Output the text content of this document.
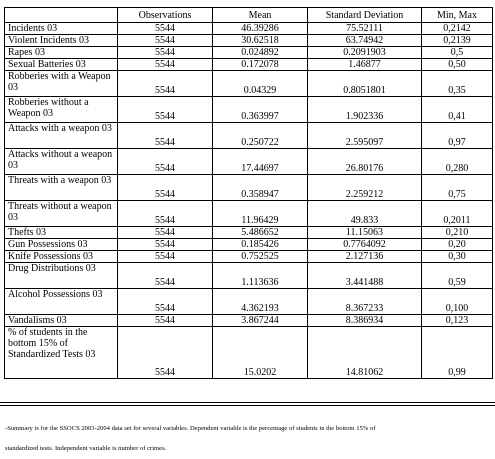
	Observations	Mean	Standard Deviation	Min, Max
Incidents 03	5544	46.39286	75.52111	0,2142
Violent Incidents 03	5544	30.62518	63.74942	0,2139
Rapes 03	5544	0.024892	0.2091903	0,5
Sexual Batteries 03	5544	0.172078	1.46877	0,50
Robberies with a Weapon 03	5544	0.04329	0.8051801	0,35
Robberies without a Weapon 03	5544	0.363997	1.902336	0,41
Attacks with a weapon 03	5544	0.250722	2.595097	0,97
Attacks without a weapon 03	5544	17.44697	26.80176	0,280
Threats with a weapon 03	5544	0.358947	2.259212	0,75
Threats without a weapon 03	5544	11.96429	49.833	0,2011
Thefts 03	5544	5.486652	11.15063	0,210
Gun Possessions 03	5544	0.185426	0.7764092	0,20
Knife Possessions 03	5544	0.752525	2.127136	0,30
Drug Distributions 03	5544	1.113636	3.441488	0,59
Alcohol Possessions 03	5544	4.362193	8.367233	0,100
Vandalisms 03	5544	3.867244	8.386934	0,123
% of students in the bottom 15% of Standardized Tests 03	5544	15.0202	14.81062	0,99
-Summary is for the SSOCS 2003-2004 data set for several variables. Dependent variable is the percentage of students in the bottom 15% of
standardized tests. Independent variable is number of crimes.
